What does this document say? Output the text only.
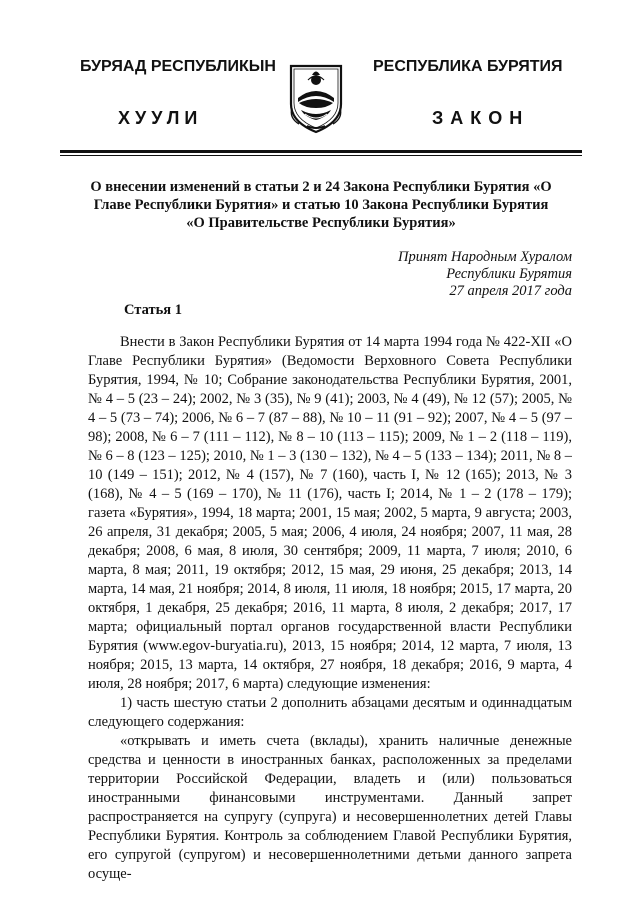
БУРЯАД РЕСПУБЛИКЫН
ХУУЛИ
РЕСПУБЛИКА БУРЯТИЯ
ЗАКОН
О внесении изменений в статьи 2 и 24 Закона Республики Бурятия «О Главе Республики Бурятия» и статью 10 Закона Республики Бурятия «О Правительстве Республики Бурятия»
Принят Народным Хуралом
Республики Бурятия
27 апреля 2017 года
Статья 1

Внести в Закон Республики Бурятия от 14 марта 1994 года № 422-XII «О Главе Республики Бурятия» (Ведомости Верховного Совета Республики Бурятия, 1994, № 10; Собрание законодательства Республики Бурятия, 2001, № 4 – 5 (23 – 24); 2002, № 3 (35), № 9 (41); 2003, № 4 (49), № 12 (57); 2005, № 4 – 5 (73 – 74); 2006, № 6 – 7 (87 – 88), № 10 – 11 (91 – 92); 2007, № 4 – 5 (97 – 98); 2008, № 6 – 7 (111 – 112), № 8 – 10 (113 – 115); 2009, № 1 – 2 (118 – 119), № 6 – 8 (123 – 125); 2010, № 1 – 3 (130 – 132), № 4 – 5 (133 – 134); 2011, № 8 – 10 (149 – 151); 2012, № 4 (157), № 7 (160), часть I, № 12 (165); 2013, № 3 (168), № 4 – 5 (169 – 170), № 11 (176), часть I; 2014, № 1 – 2 (178 – 179); газета «Бурятия», 1994, 18 марта; 2001, 15 мая; 2002, 5 марта, 9 августа; 2003, 26 апреля, 31 декабря; 2005, 5 мая; 2006, 4 июля, 24 ноября; 2007, 11 мая, 28 декабря; 2008, 6 мая, 8 июля, 30 сентября; 2009, 11 марта, 7 июля; 2010, 6 марта, 8 мая; 2011, 19 октября; 2012, 15 мая, 29 июня, 25 декабря; 2013, 14 марта, 14 мая, 21 ноября; 2014, 8 июля, 11 июля, 18 ноября; 2015, 17 марта, 20 октября, 1 декабря, 25 декабря; 2016, 11 марта, 8 июля, 2 декабря; 2017, 17 марта; официальный портал органов государственной власти Республики Бурятия (www.egov-buryatia.ru), 2013, 15 ноября; 2014, 12 марта, 7 июля, 13 ноября; 2015, 13 марта, 14 октября, 27 ноября, 18 декабря; 2016, 9 марта, 4 июля, 28 ноября; 2017, 6 марта) следующие изменения:

1) часть шестую статьи 2 дополнить абзацами десятым и одиннадцатым следующего содержания:

«открывать и иметь счета (вклады), хранить наличные денежные средства и ценности в иностранных банках, расположенных за пределами территории Российской Федерации, владеть и (или) пользоваться иностранными финансовыми инструментами. Данный запрет распространяется на супругу (супруга) и несовершеннолетних детей Главы Республики Бурятия. Контроль за соблюдением Главой Республики Бурятия, его супругой (супругом) и несовершеннолетними детьми данного запрета осуще-
